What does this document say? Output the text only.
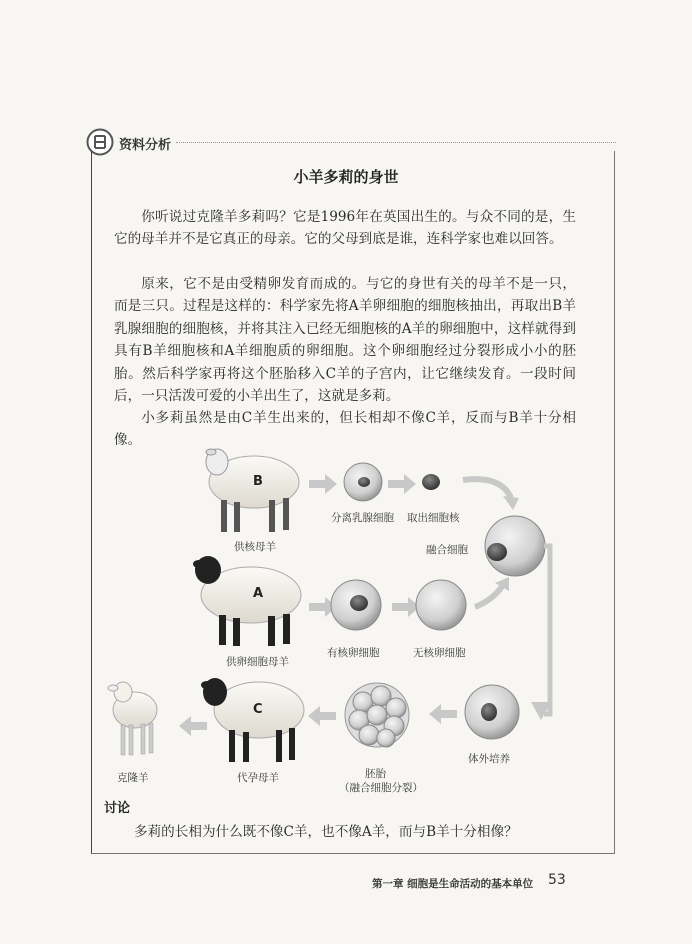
资料分析
小羊多莉的身世

你听说过克隆羊多莉吗？它是1996年在英国出生的。与众不同的是，生它的母羊并不是它真正的母亲。它的父母到底是谁，连科学家也难以回答。

原来，它不是由受精卵发育而成的。与它的身世有关的母羊不是一只，而是三只。过程是这样的：科学家先将A羊卵细胞的细胞核抽出，再取出B羊乳腺细胞的细胞核，并将其注入已经无细胞核的A羊的卵细胞中，这样就得到具有B羊细胞核和A羊细胞质的卵细胞。这个卵细胞经过分裂形成小小的胚胎。然后科学家再将这个胚胎移入C羊的子宫内，让它继续发育。一段时间后，一只活泼可爱的小羊出生了，这就是多莉。

小多莉虽然是由C羊生出来的，但长相却不像C羊，反而与B羊十分相像。

B
A
C
供核母羊
分离乳腺细胞 取出细胞核
融合细胞
供卵细胞母羊
有核卵细胞	无核卵细胞
体外培养
胚胎
（融合细胞分裂）
代孕母羊
克隆羊
讨论
多莉的长相为什么既不像C羊，也不像A羊，而与B羊十分相像？
第一章 细胞是生命活动的基本单位 53
